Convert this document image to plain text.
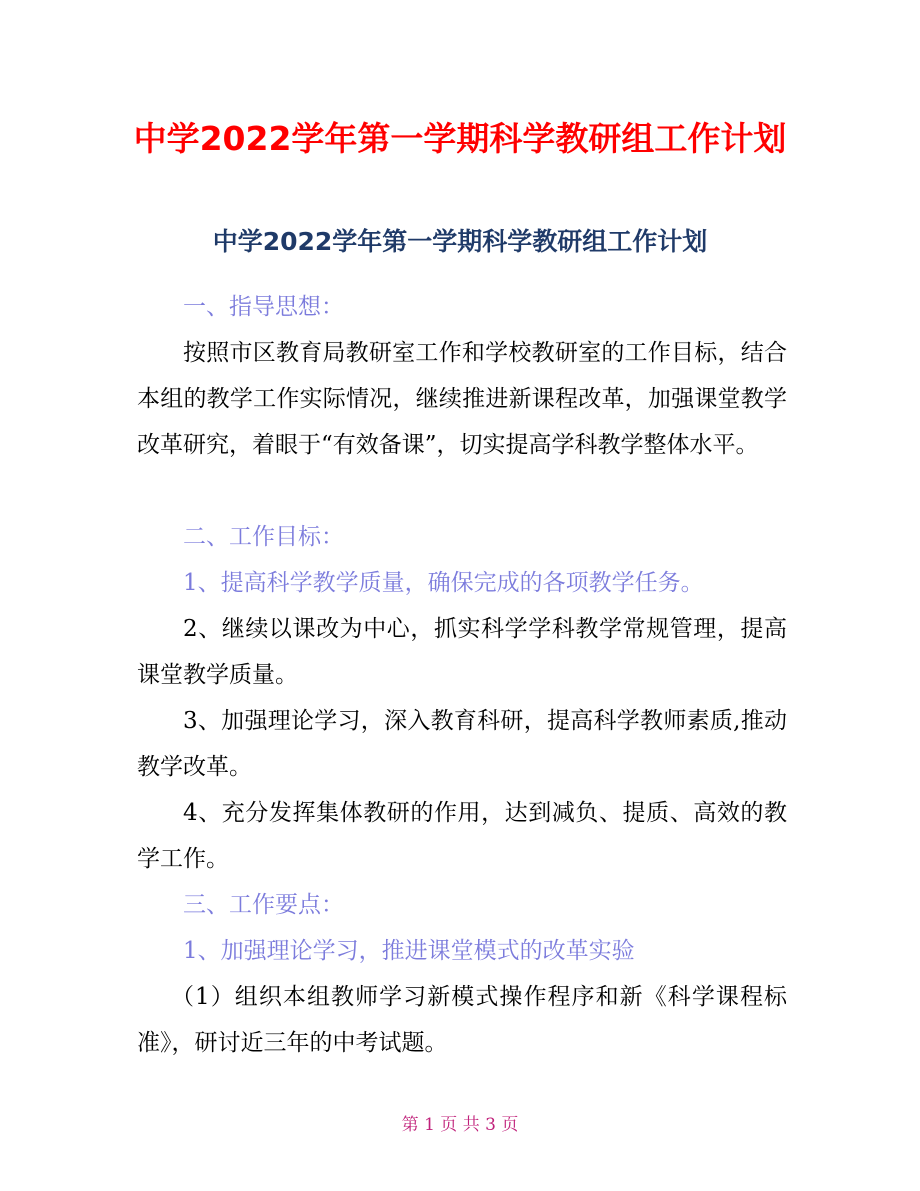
中学2022学年第一学期科学教研组工作计划
中学2022学年第一学期科学教研组工作计划

一、指导思想：

按照市区教育局教研室工作和学校教研室的工作目标，结合本组的教学工作实际情况，继续推进新课程改革，加强课堂教学改革研究，着眼于“有效备课”，切实提高学科教学整体水平。

二、工作目标：

1、提高科学教学质量，确保完成的各项教学任务。

2、继续以课改为中心，抓实科学学科教学常规管理，提高课堂教学质量。

3、加强理论学习，深入教育科研，提高科学教师素质,推动教学改革。

4、充分发挥集体教研的作用，达到减负、提质、高效的教学工作。

三、工作要点：

1、加强理论学习，推进课堂模式的改革实验

（1）组织本组教师学习新模式操作程序和新《科学课程标准》，研讨近三年的中考试题。

第 1 页 共 3 页
